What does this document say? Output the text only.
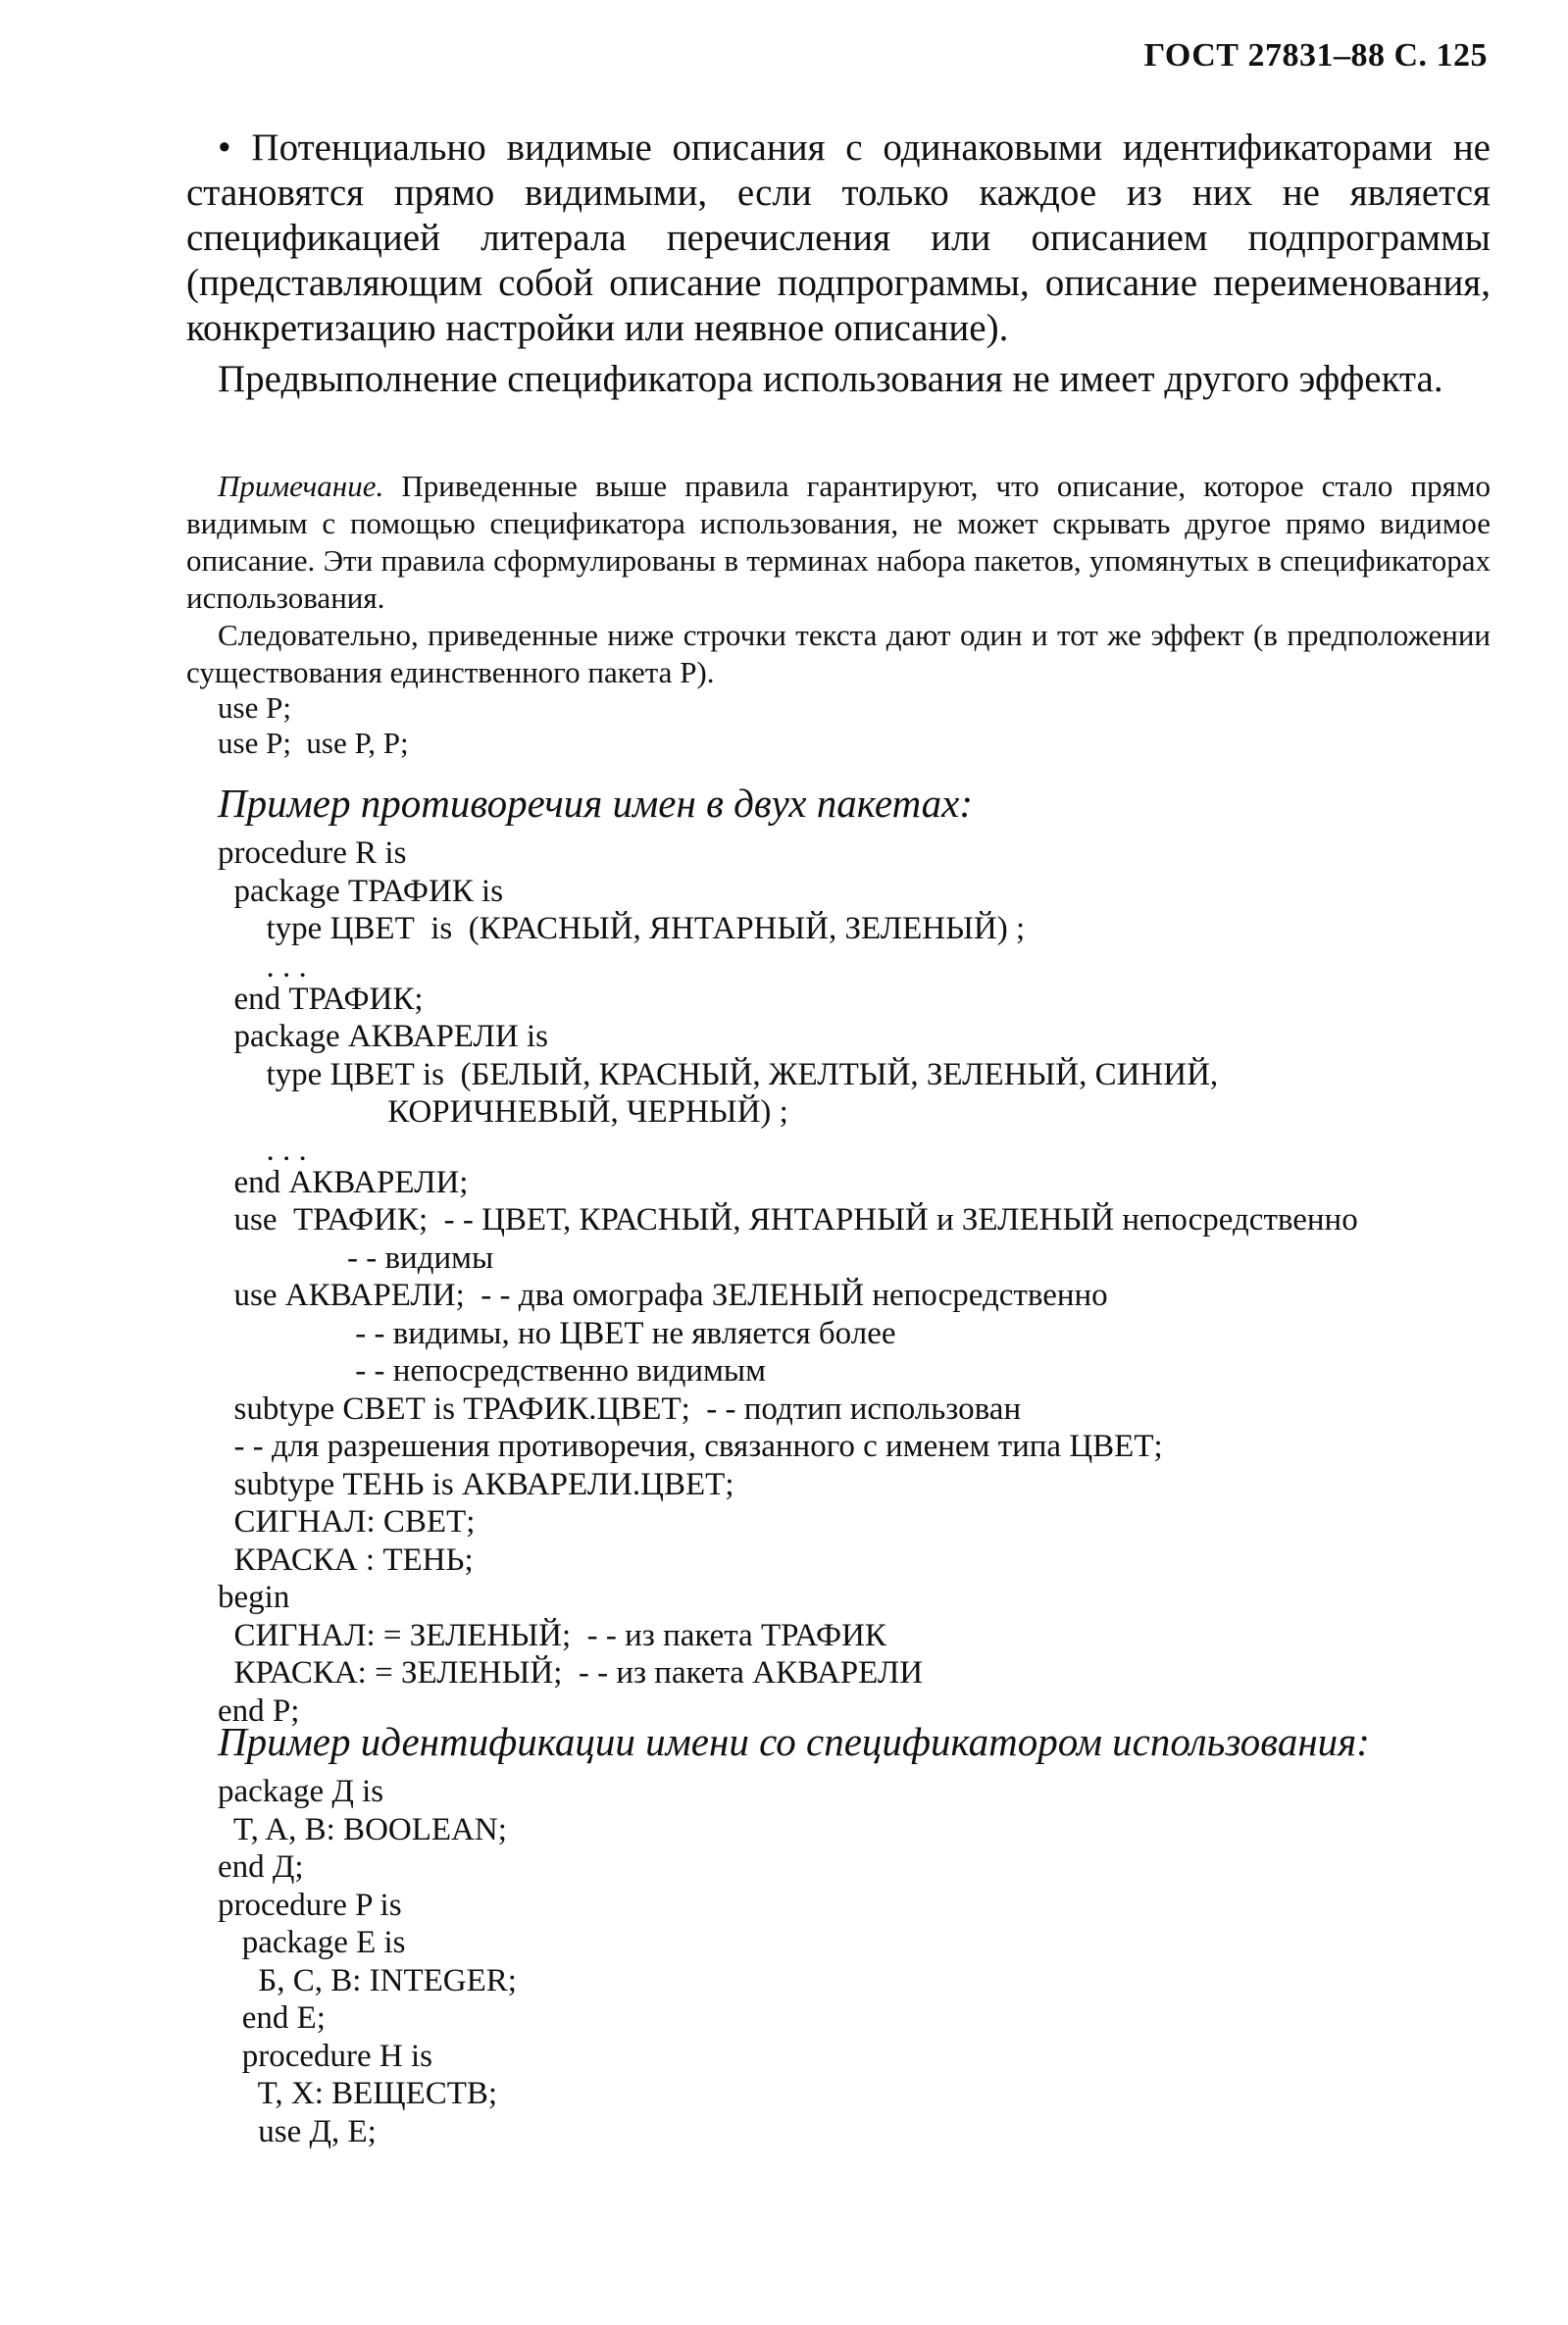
ГОСТ 27831–88 С. 125

• Потенциально видимые описания с одинаковыми идентификаторами не становятся прямо видимыми, если только каждое из них не является спецификацией литерала перечисления или описанием подпрограммы (представляющим собой описание подпрограммы, описание переименования, конкретизацию настройки или неявное описание).

Предвыполнение спецификатора использования не имеет другого эффекта.

Примечание. Приведенные выше правила гарантируют, что описание, которое стало прямо видимым с помощью спецификатора использования, не может скрывать другое прямо видимое описание. Эти правила сформулированы в терминах набора пакетов, упомянутых в спецификаторах использования.

Следовательно, приведенные ниже строчки текста дают один и тот же эффект (в предположении существования единственного пакета Р).

use P;
use P;  use P, P;
Пример противоречия имен в двух пакетах:
procedure R is
package ТРАФИК is
type ЦВЕТ  is  (КРАСНЫЙ, ЯНТАРНЫЙ, ЗЕЛЕНЫЙ) ;
. . .
end ТРАФИК;
package АКВАРЕЛИ is
type ЦВЕТ is  (БЕЛЫЙ, КРАСНЫЙ, ЖЕЛТЫЙ, ЗЕЛЕНЫЙ, СИНИЙ,
КОРИЧНЕВЫЙ, ЧЕРНЫЙ) ;
. . .
end АКВАРЕЛИ;
use  ТРАФИК;  - - ЦВЕТ, КРАСНЫЙ, ЯНТАРНЫЙ и ЗЕЛЕНЫЙ непосредственно
- - видимы
use АКВАРЕЛИ;  - - два омографа ЗЕЛЕНЫЙ непосредственно
- - видимы, но ЦВЕТ не является более
- - непосредственно видимым
subtype СВЕТ is ТРАФИК.ЦВЕТ;  - - подтип использован
- - для разрешения противоречия, связанного с именем типа ЦВЕТ;
subtype ТЕНЬ is АКВАРЕЛИ.ЦВЕТ;
СИГНАЛ: СВЕТ;
КРАСКА : ТЕНЬ;
begin
СИГНАЛ: = ЗЕЛЕНЫЙ;  - - из пакета ТРАФИК
КРАСКА: = ЗЕЛЕНЫЙ;  - - из пакета АКВАРЕЛИ
end P;
Пример идентификации имени со спецификатором использования:
package Д is
T, A, B: BOOLEAN;
end Д;
procedure P is
package E is
Б, C, B: INTEGER;
end E;
procedure H is
T, X: ВЕЩЕСТВ;
use Д, E;
